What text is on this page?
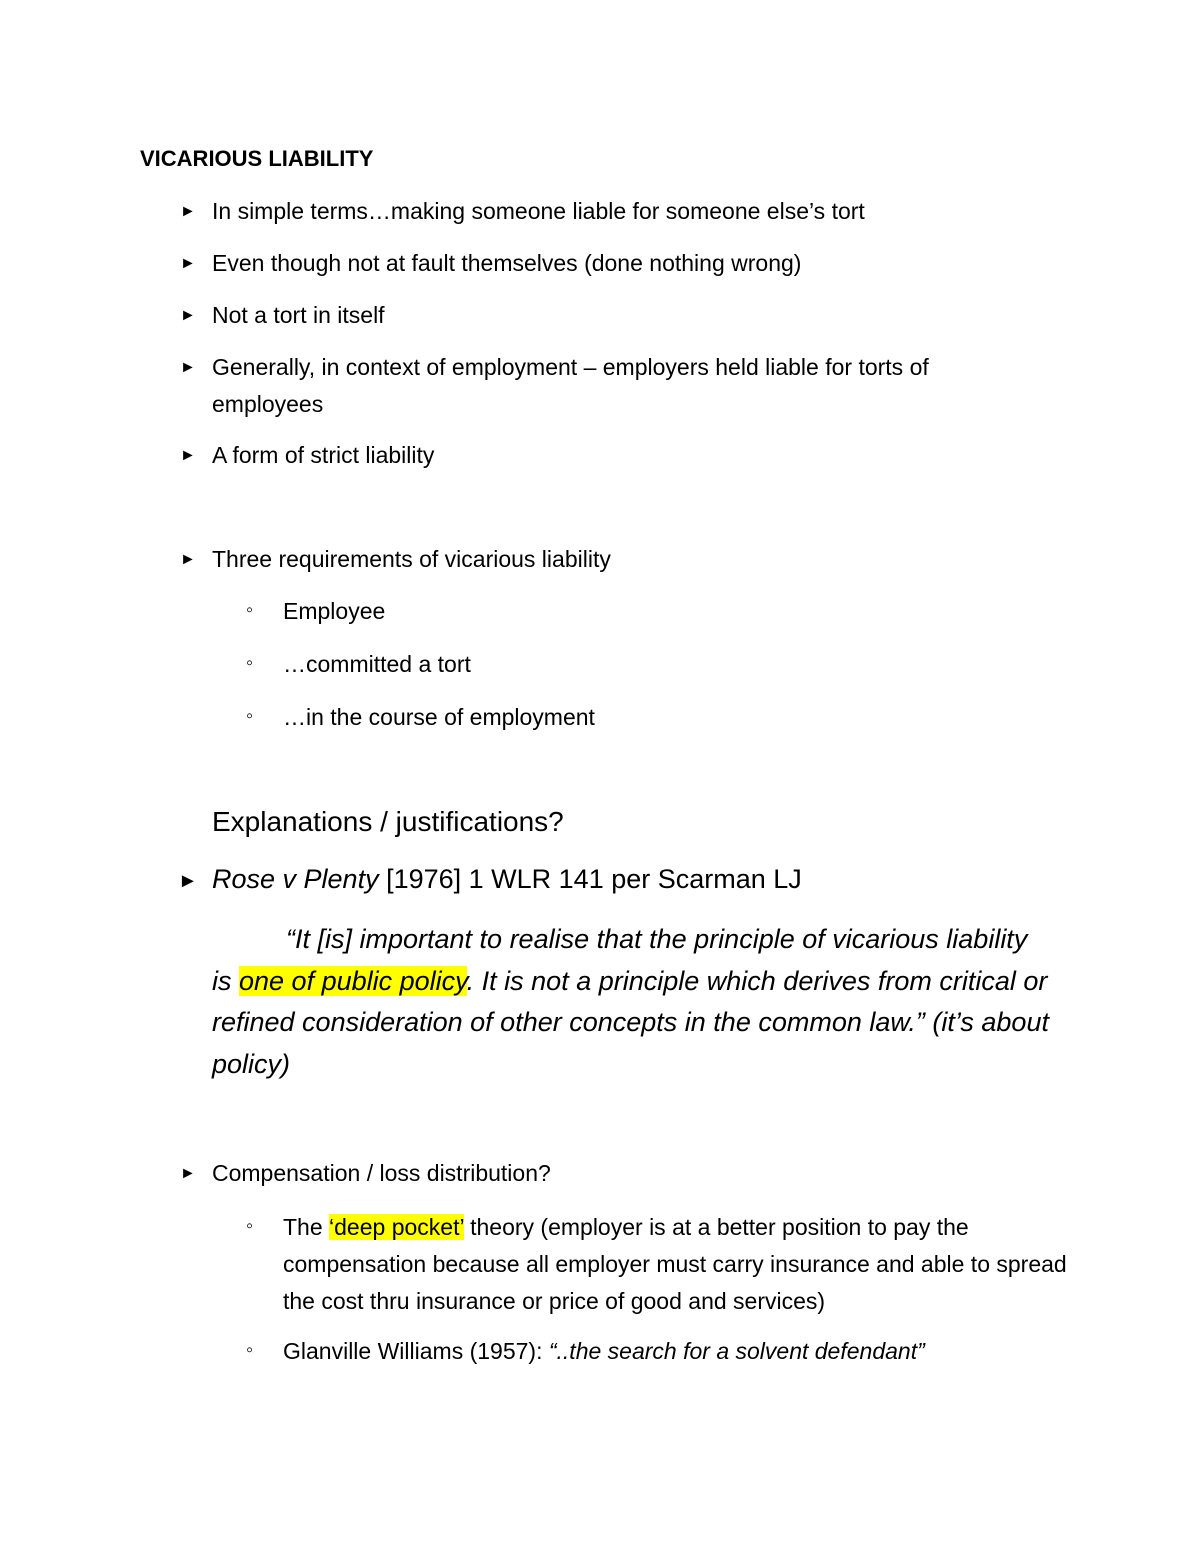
VICARIOUS LIABILITY
► In simple terms…making someone liable for someone else’s tort
► Even though not at fault themselves (done nothing wrong)
► Not a tort in itself
► Generally, in context of employment – employers held liable for torts of employees
► A form of strict liability
► Three requirements of vicarious liability
◦ Employee
◦ …committed a tort
◦ …in the course of employment
Explanations / justifications?
► Rose v Plenty [1976] 1 WLR 141 per Scarman LJ
“It [is] important to realise that the principle of vicarious liability is one of public policy. It is not a principle which derives from critical or refined consideration of other concepts in the common law.” (it’s about policy)
► Compensation / loss distribution?
◦ The ‘deep pocket’ theory (employer is at a better position to pay the compensation because all employer must carry insurance and able to spread the cost thru insurance or price of good and services)
◦ Glanville Williams (1957): “..the search for a solvent defendant”
